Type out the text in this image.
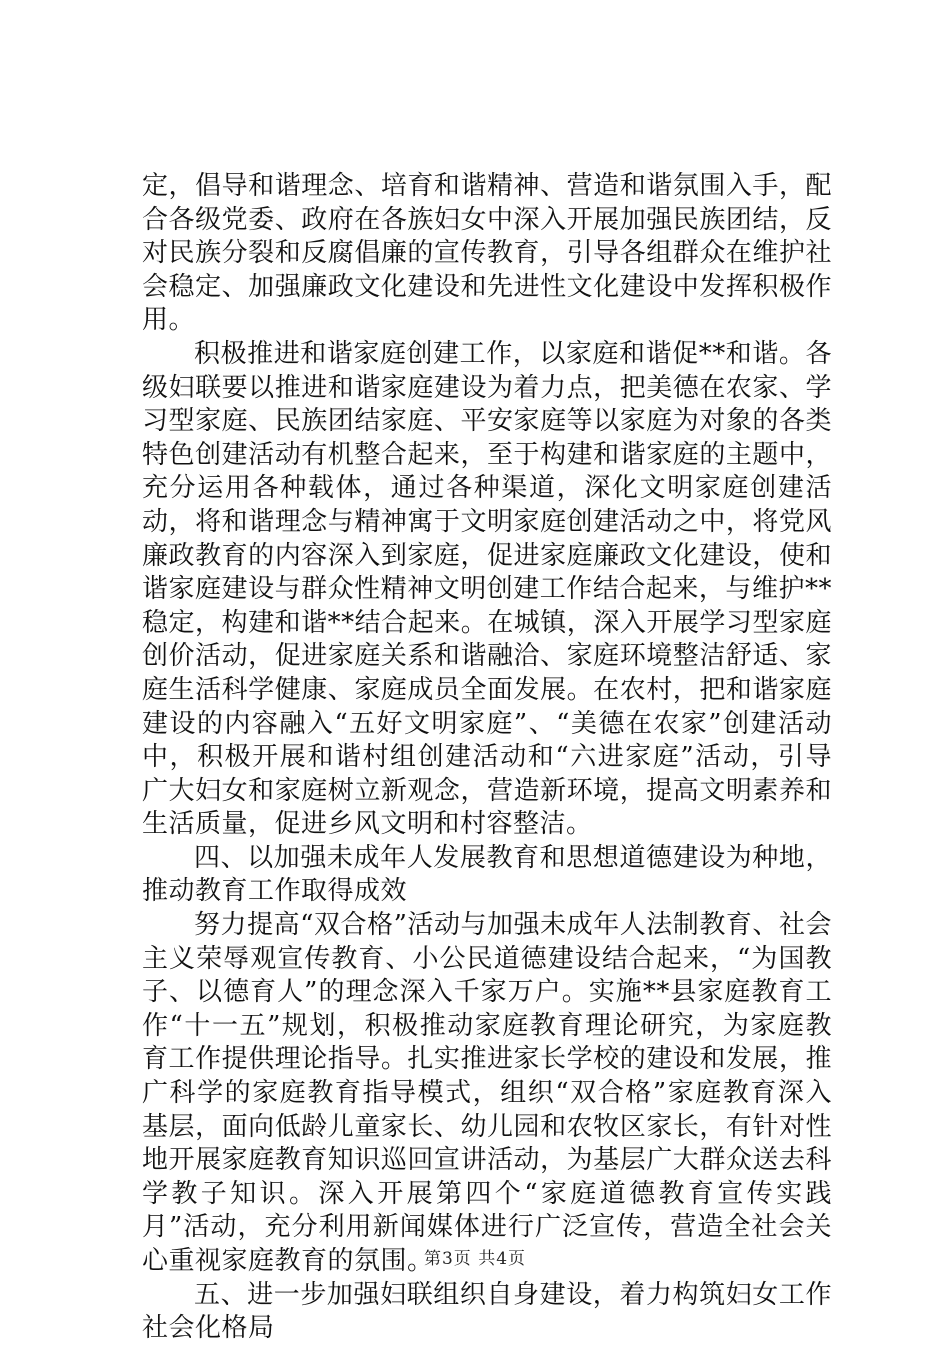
定，倡导和谐理念、培育和谐精神、营造和谐氛围入手，配合各级党委、政府在各族妇女中深入开展加强民族团结，反对民族分裂和反腐倡廉的宣传教育，引导各组群众在维护社会稳定、加强廉政文化建设和先进性文化建设中发挥积极作用。

积极推进和谐家庭创建工作，以家庭和谐促**和谐。各级妇联要以推进和谐家庭建设为着力点，把美德在农家、学习型家庭、民族团结家庭、平安家庭等以家庭为对象的各类特色创建活动有机整合起来，至于构建和谐家庭的主题中，充分运用各种载体，通过各种渠道，深化文明家庭创建活动，将和谐理念与精神寓于文明家庭创建活动之中，将党风廉政教育的内容深入到家庭，促进家庭廉政文化建设，使和谐家庭建设与群众性精神文明创建工作结合起来，与维护**稳定，构建和谐**结合起来。在城镇，深入开展学习型家庭创价活动，促进家庭关系和谐融洽、家庭环境整洁舒适、家庭生活科学健康、家庭成员全面发展。在农村，把和谐家庭建设的内容融入“五好文明家庭”、“美德在农家”创建活动中，积极开展和谐村组创建活动和“六进家庭”活动，引导广大妇女和家庭树立新观念，营造新环境，提高文明素养和生活质量，促进乡风文明和村容整洁。

四、以加强未成年人发展教育和思想道德建设为种地，推动教育工作取得成效

努力提高“双合格”活动与加强未成年人法制教育、社会主义荣辱观宣传教育、小公民道德建设结合起来，“为国教子、以德育人”的理念深入千家万户。实施**县家庭教育工作“十一五”规划，积极推动家庭教育理论研究，为家庭教育工作提供理论指导。扎实推进家长学校的建设和发展，推广科学的家庭教育指导模式，组织“双合格”家庭教育深入基层，面向低龄儿童家长、幼儿园和农牧区家长，有针对性地开展家庭教育知识巡回宣讲活动，为基层广大群众送去科学教子知识。深入开展第四个“家庭道德教育宣传实践月”活动，充分利用新闻媒体进行广泛宣传，营造全社会关心重视家庭教育的氛围。

五、进一步加强妇联组织自身建设，着力构筑妇女工作社会化格局

第3页 共4页
